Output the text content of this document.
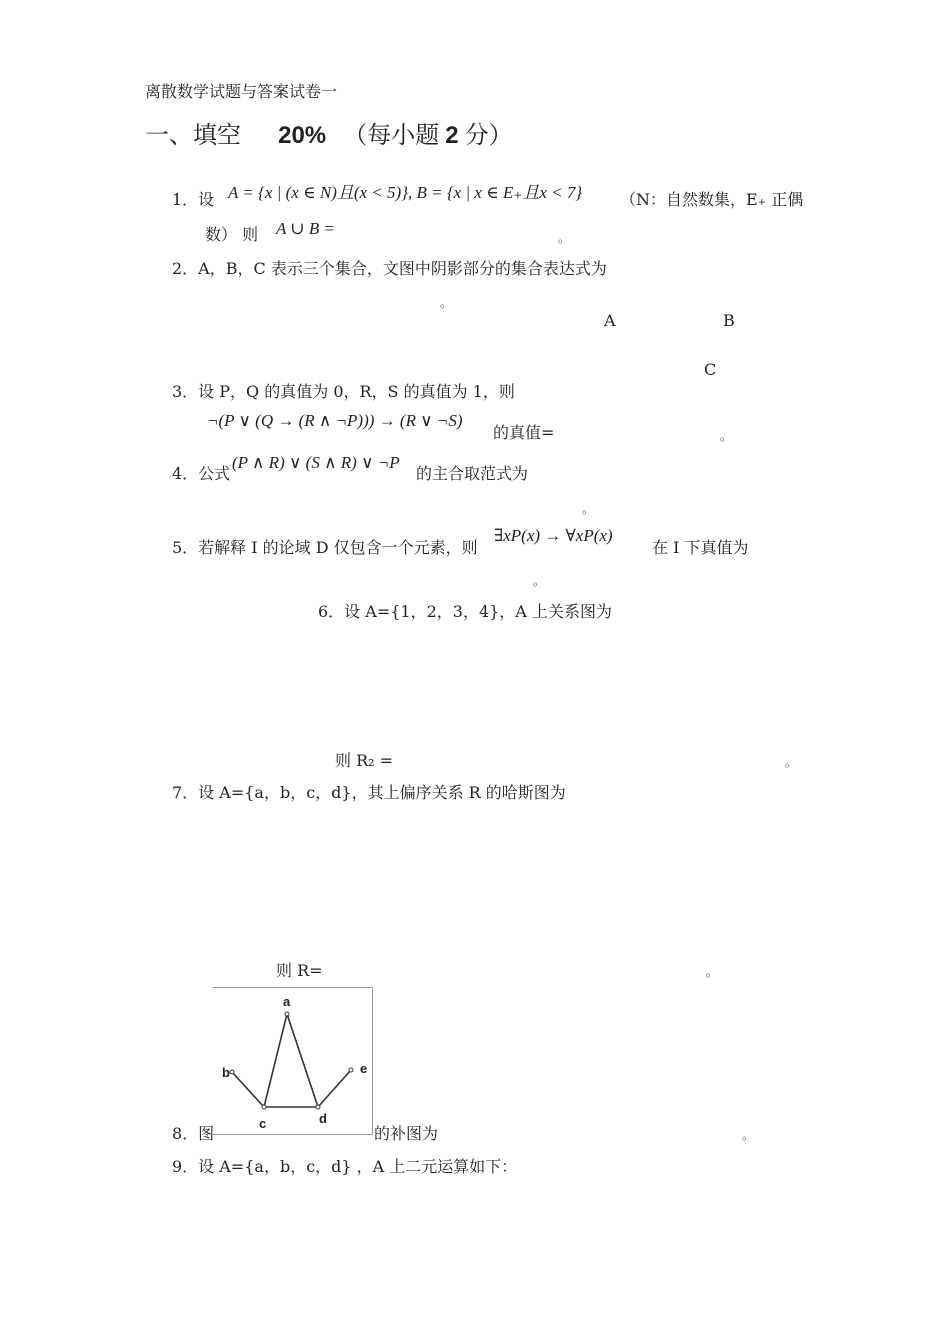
离散数学试题与答案试卷一
一、填空 20% （每小题 2 分）
1．设 A = {x | (x ∈ N)且(x < 5)}, B = {x | x ∈ E₊且x < 7} （N：自然数集，E₊ 正偶
数） 则 A ∪ B =	。
2．A，B，C 表示三个集合，文图中阴影部分的集合表达式为
。
A	B
C
3．设 P，Q 的真值为 0，R，S 的真值为 1，则
¬(P ∨ (Q → (R ∧ ¬P))) → (R ∨ ¬S)
的真值=	。
4．公式
(P ∧ R) ∨ (S ∧ R) ∨ ¬P
的主合取范式为
。
5．若解释 I 的论域 D 仅包含一个元素，则
∃xP(x) → ∀xP(x)
在 I 下真值为
。
6．设 A={1，2，3，4}，A 上关系图为
则 R₂ =	。
7．设 A={a，b，c，d}，其上偏序关系 R 的哈斯图为
则 R=	。
a
b
c	d
e
8．图	的补图为	。
9．设 A={a，b，c，d} ，A 上二元运算如下：
